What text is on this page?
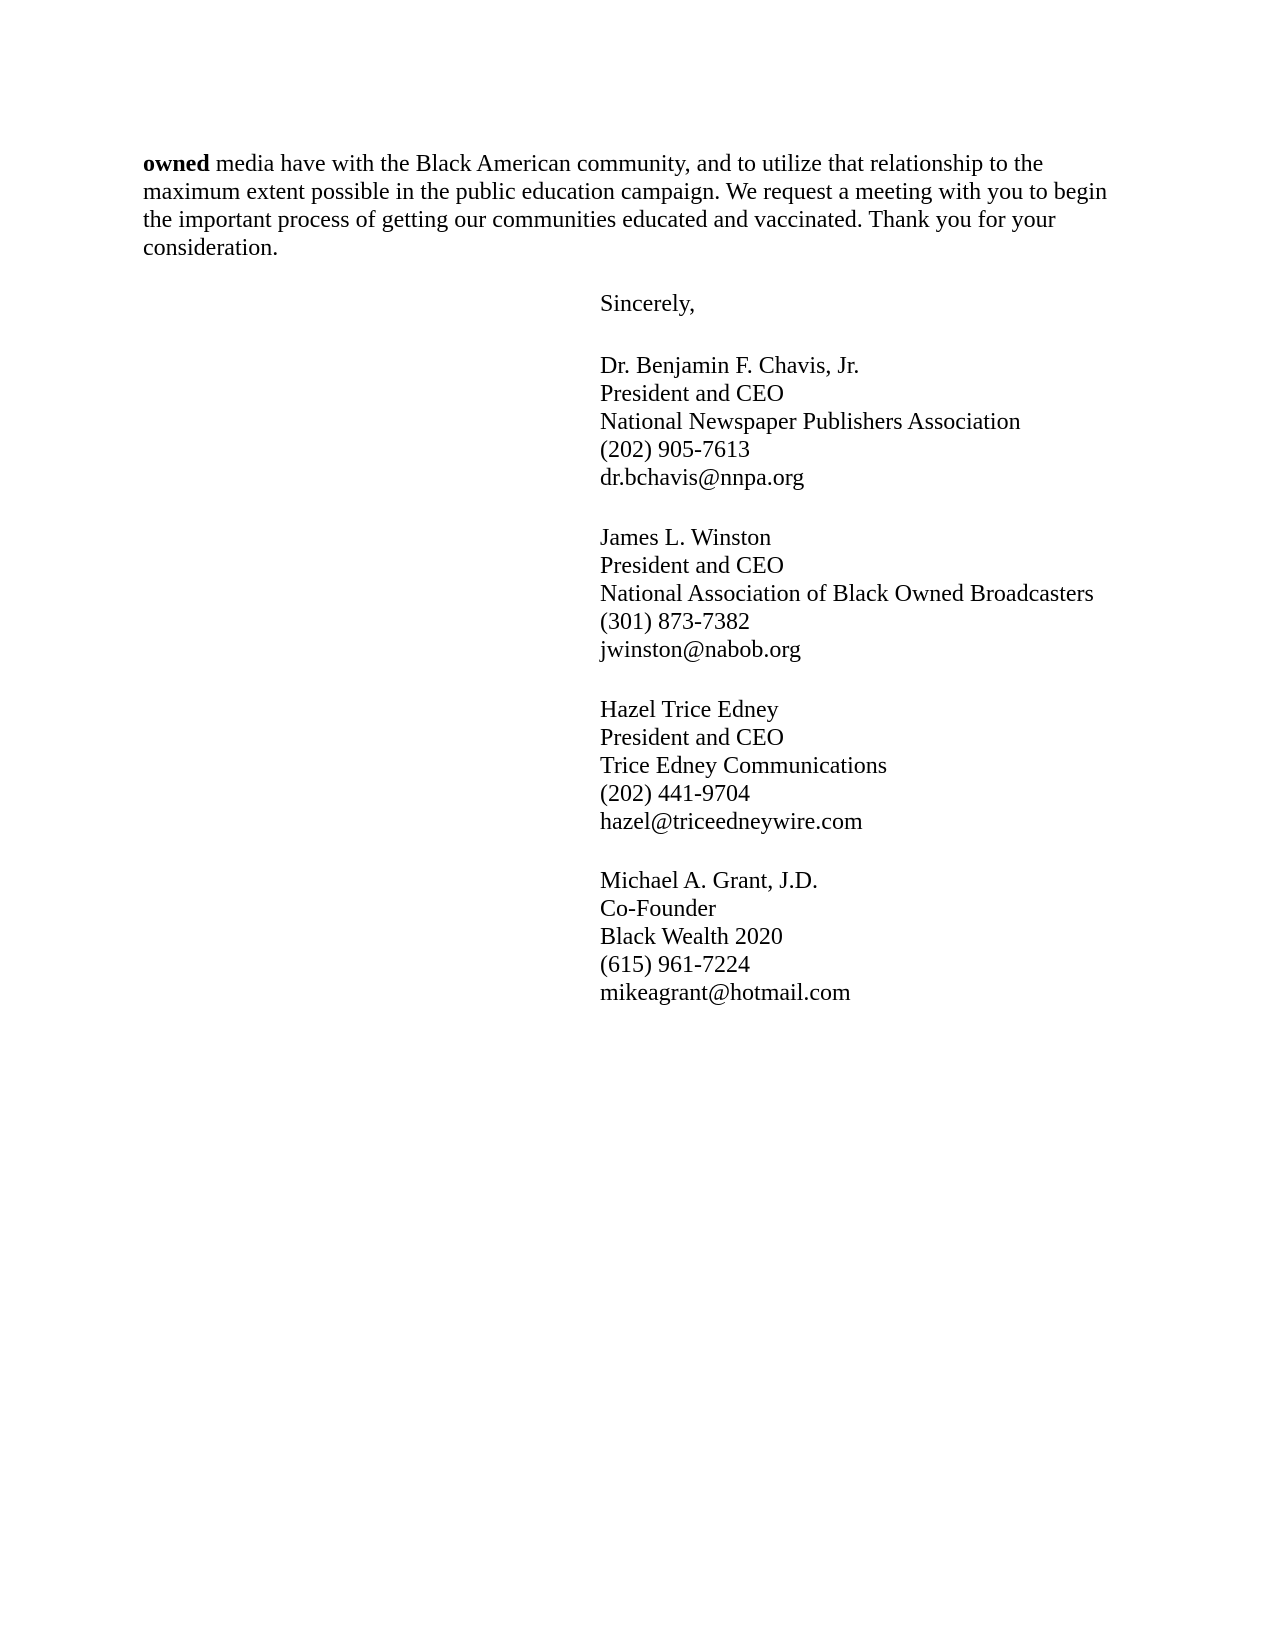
owned media have with the Black American community, and to utilize that relationship to the maximum extent possible in the public education campaign. We request a meeting with you to begin the important process of getting our communities educated and vaccinated. Thank you for your consideration.

Sincerely,

Dr. Benjamin F. Chavis, Jr.
President and CEO
National Newspaper Publishers Association
(202) 905-7613
dr.bchavis@nnpa.org
James L. Winston
President and CEO
National Association of Black Owned Broadcasters
(301) 873-7382
jwinston@nabob.org
Hazel Trice Edney
President and CEO
Trice Edney Communications
(202) 441-9704
hazel@triceedneywire.com
Michael A. Grant, J.D.
Co-Founder
Black Wealth 2020
(615) 961-7224
mikeagrant@hotmail.com
